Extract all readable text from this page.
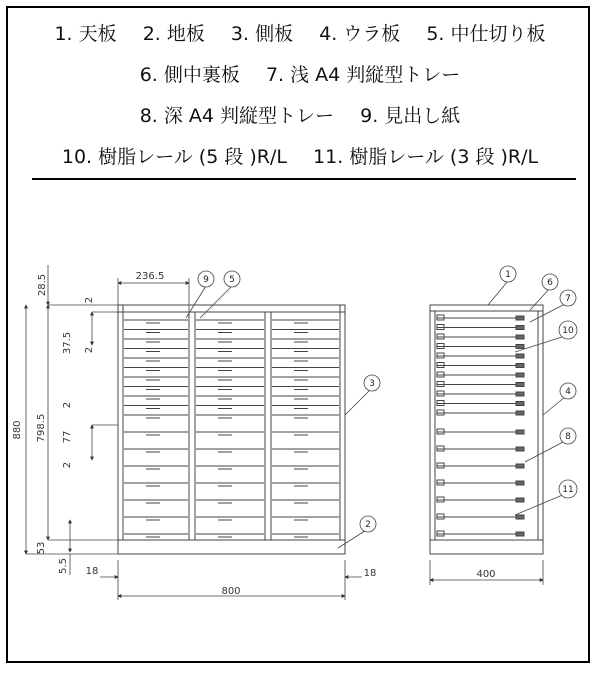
1. 天板 2. 地板 3. 側板 4. ウラ板 5. 中仕切り板
6. 側中裏板 7. 浅 A4 判縦型トレー
8. 深 A4 判縦型トレー 9. 見出し紙
10. 樹脂レール (5 段 )R/L 11. 樹脂レール (3 段 )R/L
28.5
880 798.5
53
5.5
37.5
77
2
2
2
2
236.5
18	18
800
9 5
3
2
400
1
6
7
10
4
8
11
